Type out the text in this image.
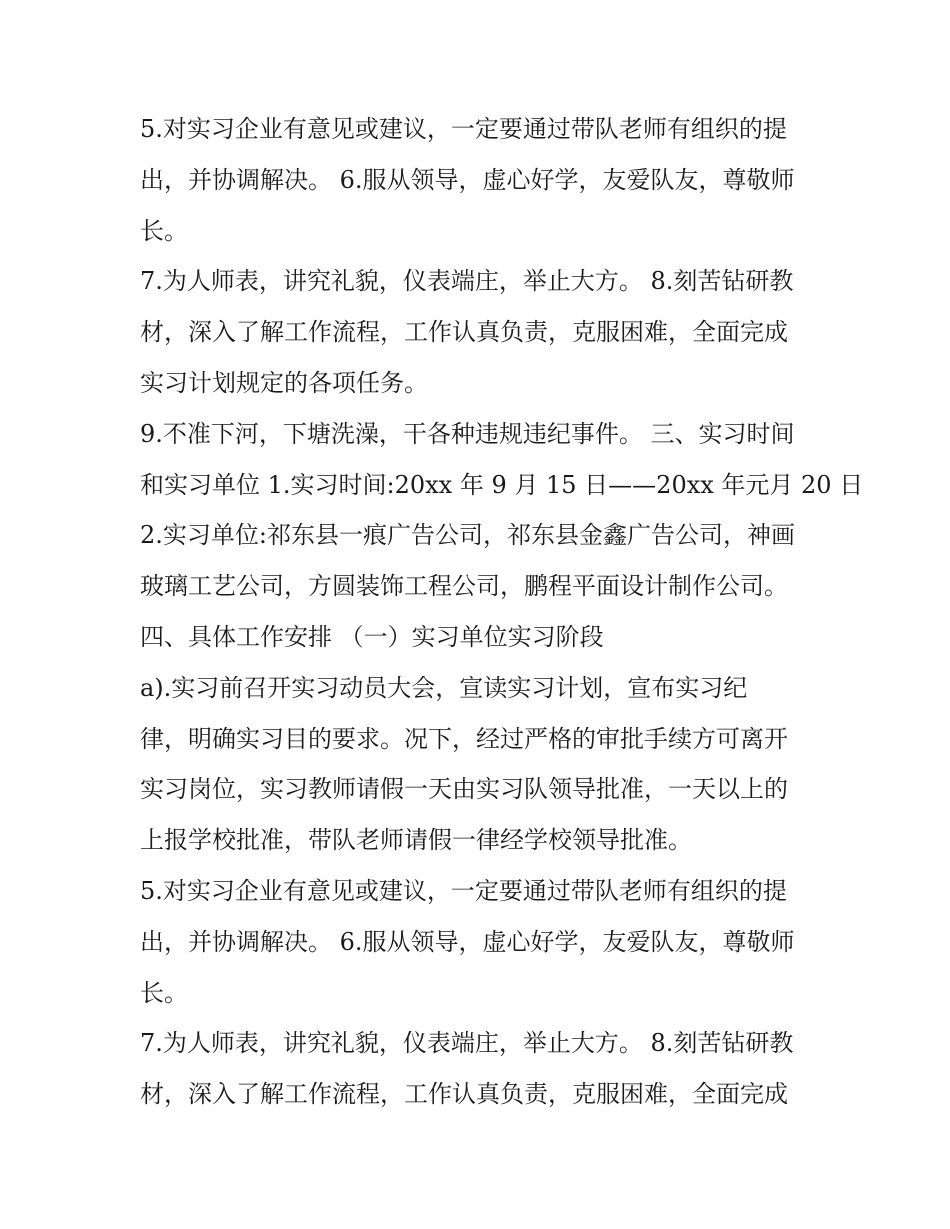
5.对实习企业有意见或建议，一定要通过带队老师有组织的提

出，并协调解决。 6.服从领导，虚心好学，友爱队友，尊敬师

长。

7.为人师表，讲究礼貌，仪表端庄，举止大方。 8.刻苦钻研教

材，深入了解工作流程，工作认真负责，克服困难，全面完成

实习计划规定的各项任务。

9.不准下河，下塘洗澡，干各种违规违纪事件。 三、实习时间

和实习单位 1.实习时间:20xx 年 9 月 15 日——20xx 年元月 20 日

2.实习单位:祁东县一痕广告公司，祁东县金鑫广告公司，神画

玻璃工艺公司，方圆装饰工程公司，鹏程平面设计制作公司。

四、具体工作安排 （一）实习单位实习阶段

a).实习前召开实习动员大会，宣读实习计划，宣布实习纪

律，明确实习目的要求。况下，经过严格的审批手续方可离开

实习岗位，实习教师请假一天由实习队领导批准，一天以上的

上报学校批准，带队老师请假一律经学校领导批准。

5.对实习企业有意见或建议，一定要通过带队老师有组织的提

出，并协调解决。 6.服从领导，虚心好学，友爱队友，尊敬师

长。

7.为人师表，讲究礼貌，仪表端庄，举止大方。 8.刻苦钻研教

材，深入了解工作流程，工作认真负责，克服困难，全面完成
